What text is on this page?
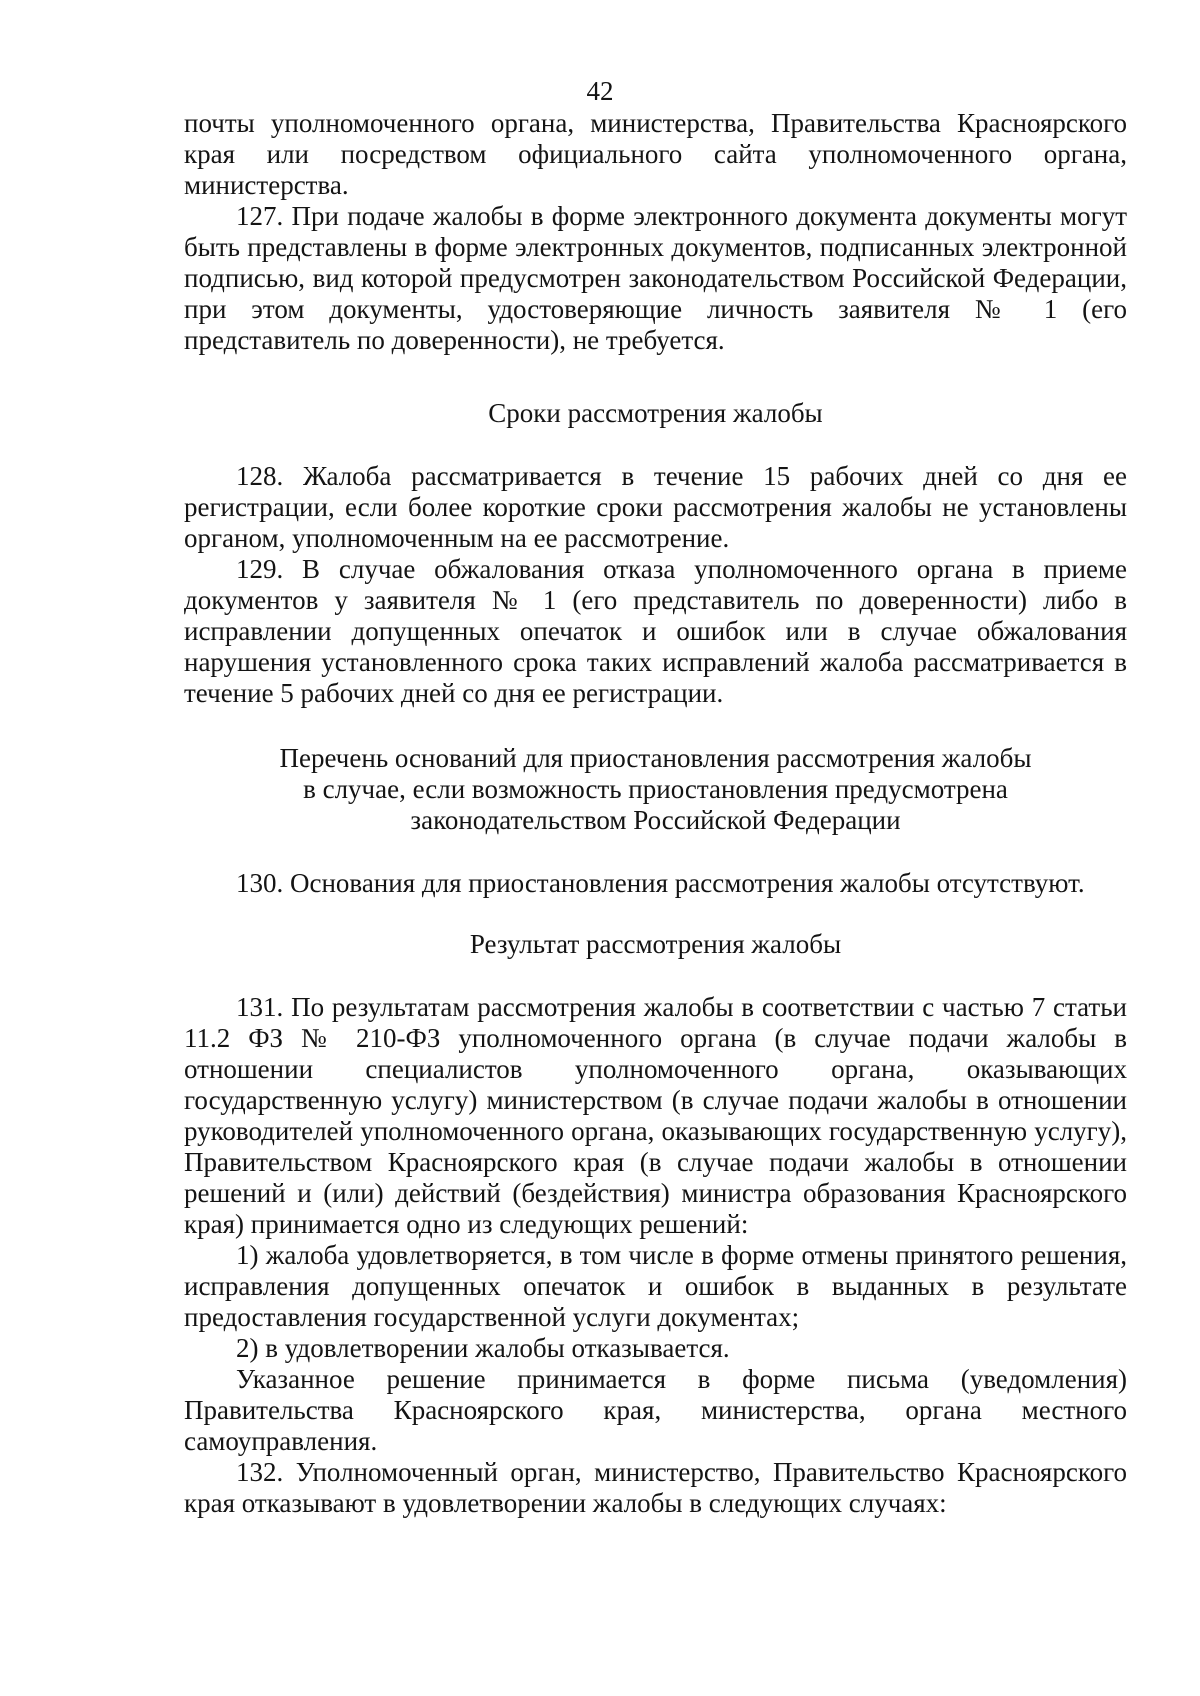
42

почты уполномоченного органа, министерства, Правительства Красноярского края или посредством официального сайта уполномоченного органа, министерства.

127. При подаче жалобы в форме электронного документа документы могут быть представлены в форме электронных документов, подписанных электронной подписью, вид которой предусмотрен законодательством Российской Федерации, при этом документы, удостоверяющие личность заявителя № 1 (его представитель по доверенности), не требуется.

Сроки рассмотрения жалобы

128. Жалоба рассматривается в течение 15 рабочих дней со дня ее регистрации, если более короткие сроки рассмотрения жалобы не установлены органом, уполномоченным на ее рассмотрение.

129. В случае обжалования отказа уполномоченного органа в приеме документов у заявителя № 1 (его представитель по доверенности) либо в исправлении допущенных опечаток и ошибок или в случае обжалования нарушения установленного срока таких исправлений жалоба рассматривается в течение 5 рабочих дней со дня ее регистрации.

Перечень оснований для приостановления рассмотрения жалобы
в случае, если возможность приостановления предусмотрена
законодательством Российской Федерации

130. Основания для приостановления рассмотрения жалобы отсутствуют.

Результат рассмотрения жалобы

131. По результатам рассмотрения жалобы в соответствии с частью 7 статьи 11.2 ФЗ № 210-ФЗ уполномоченного органа (в случае подачи жалобы в отношении специалистов уполномоченного органа, оказывающих государственную услугу) министерством (в случае подачи жалобы в отношении руководителей уполномоченного органа, оказывающих государственную услугу), Правительством Красноярского края (в случае подачи жалобы в отношении решений и (или) действий (бездействия) министра образования Красноярского края) принимается одно из следующих решений:

1) жалоба удовлетворяется, в том числе в форме отмены принятого решения, исправления допущенных опечаток и ошибок в выданных в результате предоставления государственной услуги документах;

2) в удовлетворении жалобы отказывается.

Указанное решение принимается в форме письма (уведомления) Правительства Красноярского края, министерства, органа местного самоуправления.

132. Уполномоченный орган, министерство, Правительство Красноярского края отказывают в удовлетворении жалобы в следующих случаях:
